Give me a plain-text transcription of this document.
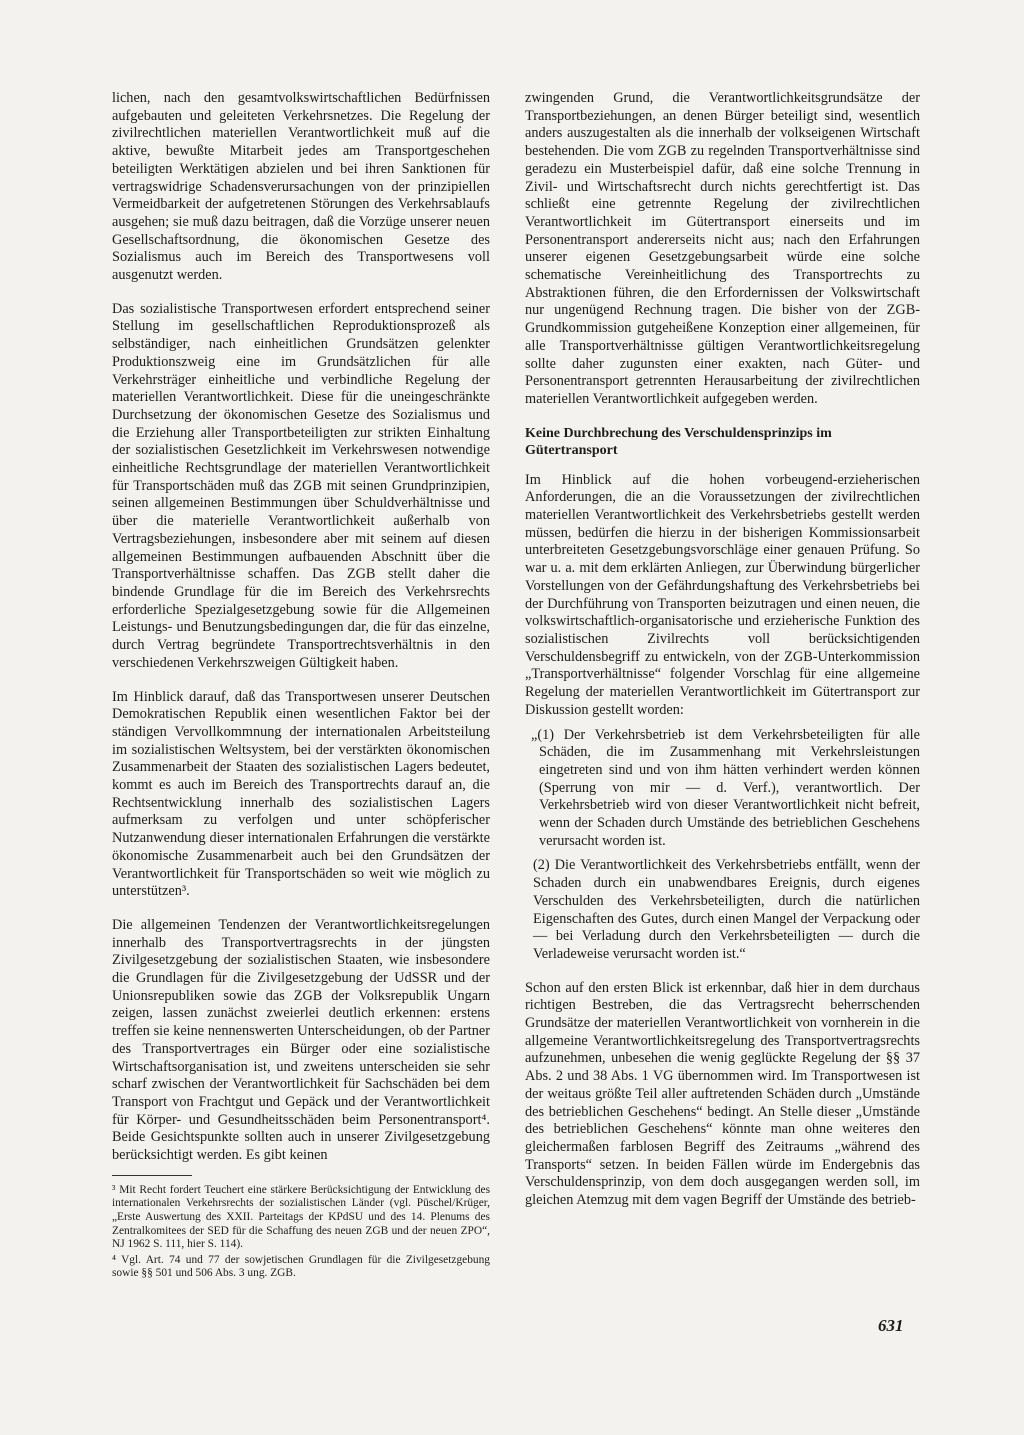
lichen, nach den gesamtvolkswirtschaftlichen Bedürfnissen aufgebauten und geleiteten Verkehrsnetzes. Die Regelung der zivilrechtlichen materiellen Verantwortlichkeit muß auf die aktive, bewußte Mitarbeit jedes am Transportgeschehen beteiligten Werktätigen abzielen und bei ihren Sanktionen für vertragswidrige Schadensverursachungen von der prinzipiellen Vermeidbarkeit der aufgetretenen Störungen des Verkehrsablaufs ausgehen; sie muß dazu beitragen, daß die Vorzüge unserer neuen Gesellschaftsordnung, die ökonomischen Gesetze des Sozialismus auch im Bereich des Transportwesens voll ausgenutzt werden.

Das sozialistische Transportwesen erfordert entsprechend seiner Stellung im gesellschaftlichen Reproduktionsprozeß als selbständiger, nach einheitlichen Grundsätzen gelenkter Produktionszweig eine im Grundsätzlichen für alle Verkehrsträger einheitliche und verbindliche Regelung der materiellen Verantwortlichkeit. Diese für die uneingeschränkte Durchsetzung der ökonomischen Gesetze des Sozialismus und die Erziehung aller Transportbeteiligten zur strikten Einhaltung der sozialistischen Gesetzlichkeit im Verkehrswesen notwendige einheitliche Rechtsgrundlage der materiellen Verantwortlichkeit für Transportschäden muß das ZGB mit seinen Grundprinzipien, seinen allgemeinen Bestimmungen über Schuldverhältnisse und über die materielle Verantwortlichkeit außerhalb von Vertragsbeziehungen, insbesondere aber mit seinem auf diesen allgemeinen Bestimmungen aufbauenden Abschnitt über die Transportverhältnisse schaffen. Das ZGB stellt daher die bindende Grundlage für die im Bereich des Verkehrsrechts erforderliche Spezialgesetzgebung sowie für die Allgemeinen Leistungs- und Benutzungsbedingungen dar, die für das einzelne, durch Vertrag begründete Transportrechtsverhältnis in den verschiedenen Verkehrszweigen Gültigkeit haben.

Im Hinblick darauf, daß das Transportwesen unserer Deutschen Demokratischen Republik einen wesentlichen Faktor bei der ständigen Vervollkommnung der internationalen Arbeitsteilung im sozialistischen Weltsystem, bei der verstärkten ökonomischen Zusammenarbeit der Staaten des sozialistischen Lagers bedeutet, kommt es auch im Bereich des Transportrechts darauf an, die Rechtsentwicklung innerhalb des sozialistischen Lagers aufmerksam zu verfolgen und unter schöpferischer Nutzanwendung dieser internationalen Erfahrungen die verstärkte ökonomische Zusammenarbeit auch bei den Grundsätzen der Verantwortlichkeit für Transportschäden so weit wie möglich zu unterstützen³.

Die allgemeinen Tendenzen der Verantwortlichkeitsregelungen innerhalb des Transportvertragsrechts in der jüngsten Zivilgesetzgebung der sozialistischen Staaten, wie insbesondere die Grundlagen für die Zivilgesetzgebung der UdSSR und der Unionsrepubliken sowie das ZGB der Volksrepublik Ungarn zeigen, lassen zunächst zweierlei deutlich erkennen: erstens treffen sie keine nennenswerten Unterscheidungen, ob der Partner des Transportvertrages ein Bürger oder eine sozialistische Wirtschaftsorganisation ist, und zweitens unterscheiden sie sehr scharf zwischen der Verantwortlichkeit für Sachschäden bei dem Transport von Frachtgut und Gepäck und der Verantwortlichkeit für Körper- und Gesundheitsschäden beim Personentransport⁴. Beide Gesichtspunkte sollten auch in unserer Zivilgesetzgebung berücksichtigt werden. Es gibt keinen

³ Mit Recht fordert Teuchert eine stärkere Berücksichtigung der Entwicklung des internationalen Verkehrsrechts der sozialistischen Länder (vgl. Püschel/Krüger, „Erste Auswertung des XXII. Parteitags der KPdSU und des 14. Plenums des Zentralkomitees der SED für die Schaffung des neuen ZGB und der neuen ZPO“, NJ 1962 S. 111, hier S. 114).

⁴ Vgl. Art. 74 und 77 der sowjetischen Grundlagen für die Zivilgesetzgebung sowie §§ 501 und 506 Abs. 3 ung. ZGB.

zwingenden Grund, die Verantwortlichkeitsgrundsätze der Transportbeziehungen, an denen Bürger beteiligt sind, wesentlich anders auszugestalten als die innerhalb der volkseigenen Wirtschaft bestehenden. Die vom ZGB zu regelnden Transportverhältnisse sind geradezu ein Musterbeispiel dafür, daß eine solche Trennung in Zivil- und Wirtschaftsrecht durch nichts gerechtfertigt ist. Das schließt eine getrennte Regelung der zivilrechtlichen Verantwortlichkeit im Gütertransport einerseits und im Personentransport andererseits nicht aus; nach den Erfahrungen unserer eigenen Gesetzgebungsarbeit würde eine solche schematische Vereinheitlichung des Transportrechts zu Abstraktionen führen, die den Erfordernissen der Volkswirtschaft nur ungenügend Rechnung tragen. Die bisher von der ZGB-Grundkommission gutgeheißene Konzeption einer allgemeinen, für alle Transportverhältnisse gültigen Verantwortlichkeitsregelung sollte daher zugunsten einer exakten, nach Güter- und Personentransport getrennten Herausarbeitung der zivilrechtlichen materiellen Verantwortlichkeit aufgegeben werden.

Keine Durchbrechung des Verschuldensprinzips im Gütertransport

Im Hinblick auf die hohen vorbeugend-erzieherischen Anforderungen, die an die Voraussetzungen der zivilrechtlichen materiellen Verantwortlichkeit des Verkehrsbetriebs gestellt werden müssen, bedürfen die hierzu in der bisherigen Kommissionsarbeit unterbreiteten Gesetzgebungsvorschläge einer genauen Prüfung. So war u. a. mit dem erklärten Anliegen, zur Überwindung bürgerlicher Vorstellungen von der Gefährdungshaftung des Verkehrsbetriebs bei der Durchführung von Transporten beizutragen und einen neuen, die volkswirtschaftlich-organisatorische und erzieherische Funktion des sozialistischen Zivilrechts voll berücksichtigenden Verschuldensbegriff zu entwickeln, von der ZGB-Unterkommission „Transportverhältnisse“ folgender Vorschlag für eine allgemeine Regelung der materiellen Verantwortlichkeit im Gütertransport zur Diskussion gestellt worden:

„(1) Der Verkehrsbetrieb ist dem Verkehrsbeteiligten für alle Schäden, die im Zusammenhang mit Verkehrsleistungen eingetreten sind und von ihm hätten verhindert werden können (Sperrung von mir — d. Verf.), verantwortlich. Der Verkehrsbetrieb wird von dieser Verantwortlichkeit nicht befreit, wenn der Schaden durch Umstände des betrieblichen Geschehens verursacht worden ist.

(2) Die Verantwortlichkeit des Verkehrsbetriebs entfällt, wenn der Schaden durch ein unabwendbares Ereignis, durch eigenes Verschulden des Verkehrsbeteiligten, durch die natürlichen Eigenschaften des Gutes, durch einen Mangel der Verpackung oder — bei Verladung durch den Verkehrsbeteiligten — durch die Verladeweise verursacht worden ist.“

Schon auf den ersten Blick ist erkennbar, daß hier in dem durchaus richtigen Bestreben, die das Vertragsrecht beherrschenden Grundsätze der materiellen Verantwortlichkeit von vornherein in die allgemeine Verantwortlichkeitsregelung des Transportvertragsrechts aufzunehmen, unbesehen die wenig geglückte Regelung der §§ 37 Abs. 2 und 38 Abs. 1 VG übernommen wird. Im Transportwesen ist der weitaus größte Teil aller auftretenden Schäden durch „Umstände des betrieblichen Geschehens“ bedingt. An Stelle dieser „Umstände des betrieblichen Geschehens“ könnte man ohne weiteres den gleichermaßen farblosen Begriff des Zeitraums „während des Transports“ setzen. In beiden Fällen würde im Endergebnis das Verschuldensprinzip, von dem doch ausgegangen werden soll, im gleichen Atemzug mit dem vagen Begriff der Umstände des betrieb-

631
